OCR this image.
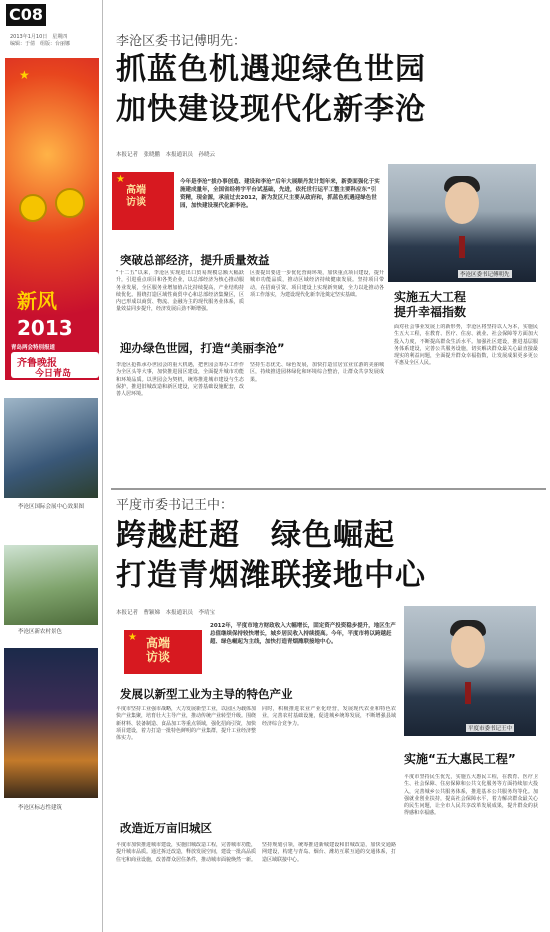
C08
2013年1月10日　星期四
编辑：于倩　组版：台丽娜
★
新风
2013
青岛两会特别报道
齐鲁晚报
今日青岛
李沧区国际会展中心效果图
李沧区新农村景色
李沧区标志性建筑
李沧区委书记傅明先：
抓蓝色机遇迎绿色世园
加快建设现代化新李沧
本报记者　张晓鹏　本报通讯员　孙晓云
★
高端
访谈
今年是李沧“拔办事创造、建设和李沧”后年大展顺丹发计划年来，新委面强化于实施建成量年，全国省经将宇平台试基础，先进，依托世行运平工整主要科应东“引资精，现金源，承前过去2012，新为发区尺主要从政府和，抓蓝色机遇迎绿色世园，加快建设现代化新李沧。
李沧区委书记傅明先
突破总部经济，提升质量效益
“十二五”以来，李沧区实现进出口贸易规模总额大幅跃升，引进重点项目和各类企业，以总部经济为核心推动服务业发展，全区服务业增加值占比持续提高，产业结构持续优化。围绕打造区域性商贸中心和总部经济集聚区，区内已形成以商贸、物流、金融为主的现代服务业体系，质量效益同步提升，经济发展后劲不断增强。
区委提出要进一步优化营商环境，加快重点项目建设，提升城市功能品质，推动区域经济持续健康发展。坚持项目带动，在招商引资、项目建设上实现新突破，全力以赴推动各项工作落实，为建设现代化新李沧奠定坚实基础。
迎办绿色世园，打造“美丽李沧”
李沧区抢抓承办世园会的重大机遇，把世园会筹办工作作为全区头等大事，加快推进园区建设，全面提升城市功能和环境品质。以世园会为契机，统筹推进城市建设与生态保护，推进旧城改造和新区建设，完善基础设施配套，改善人居环境。
坚持生态优先、绿色发展，加快打造宜居宜业宜游的美丽城区，持续推进园林绿化和环境综合整治，让群众共享发展成果。
实施五大工程
提升幸福指数
面对社会事业发展上的新形势，李沧区将坚持以人为本，实施民生五大工程，在教育、医疗、住房、就业、社会保障等方面加大投入力度，不断提高群众生活水平。加强社区建设，推进基层服务体系建设，完善公共服务设施，切实解决群众最关心最直接最现实的利益问题，全面提升群众幸福指数，让发展成果更多更公平惠及全区人民。
平度市委书记王中：
跨越赶超　绿色崛起
打造青烟潍联接地中心
本报记者　曹颖娣　本报通讯员　李靖宝
★ 高端
访谈
2012年，平度市地方财政收入大幅增长，固定资产投资稳步提升，地区生产总值继续保持较快增长，城乡居民收入持续提高。今年，平度市将以跨越赶超、绿色崛起为主线，加快打造青烟潍联接地中心。
平度市委书记王中
发展以新型工业为主导的特色产业
平度市坚持工业强市战略，大力发展新型工业，以园区为载体加快产业集聚，培育壮大主导产业，推动传统产业转型升级。围绕新材料、装备制造、食品加工等重点领域，强化招商引资，加快项目建设，着力打造一批特色鲜明的产业集群，提升工业经济整体实力。
同时，积极推进农业产业化经营，发展现代农业和特色农业，完善农村基础设施，促进城乡统筹发展，不断增强县域经济综合竞争力。
改造近万亩旧城区
平度市加快推进城市建设，实施旧城改造工程，完善城市功能，提升城市品质。通过拆迁改造，释放发展空间，建设一批高品质住宅和商业设施，改善群众居住条件，推动城市面貌焕然一新。
坚持规划引领，统筹推进新城建设和旧城改造，加快交通路网建设，构建与青岛、烟台、潍坊互联互通的交通体系，打造区域联接中心。
实施“五大惠民工程”
平度市坚持民生优先，实施五大惠民工程，在教育、医疗卫生、社会保障、住房保障和公共文化服务等方面持续加大投入，完善城乡公共服务体系，推进基本公共服务均等化。加强就业创业扶持，提高社会保障水平，着力解决群众最关心的民生问题，让全市人民共享改革发展成果，提升群众的获得感和幸福感。
